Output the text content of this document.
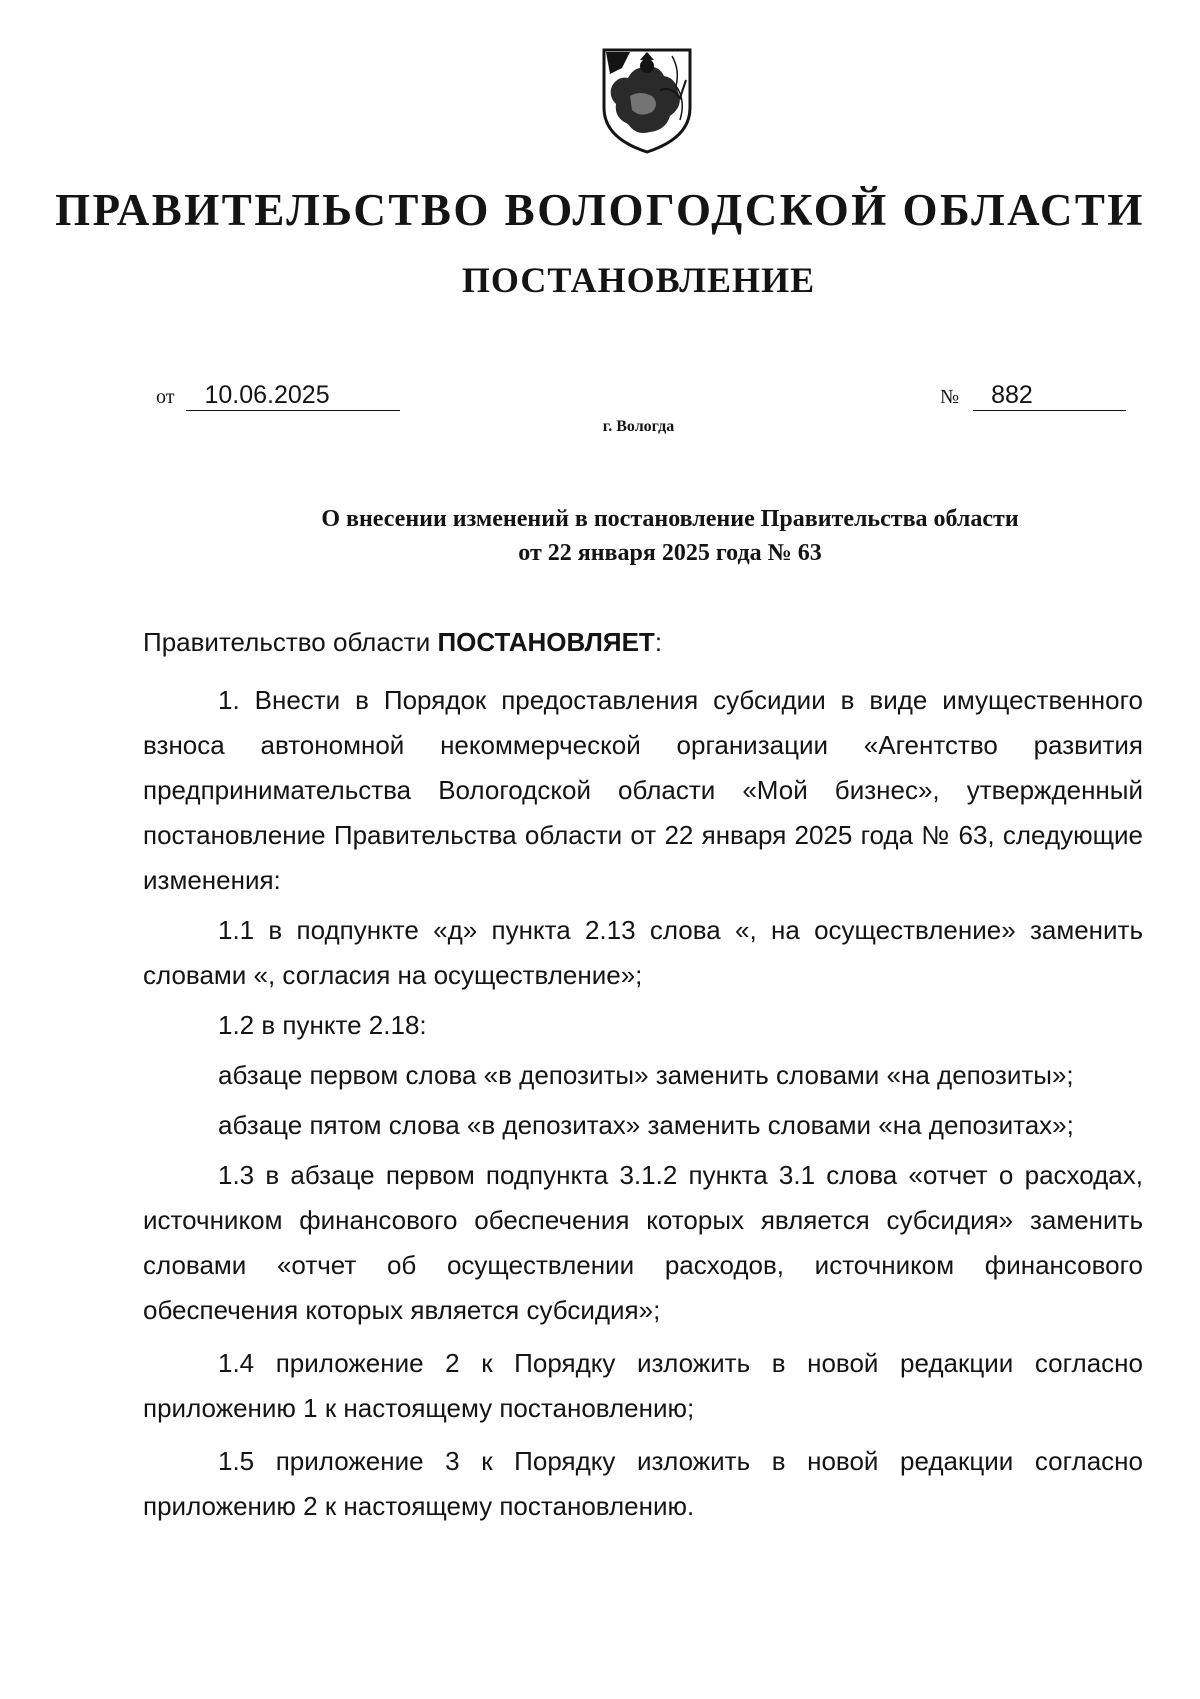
ПРАВИТЕЛЬСТВО ВОЛОГОДСКОЙ ОБЛАСТИ
ПОСТАНОВЛЕНИЕ
от 10.06.2025	№ 882
г. Вологда
О внесении изменений в постановление Правительства области
от 22 января 2025 года № 63

Правительство области ПОСТАНОВЛЯЕТ:

1. Внести в Порядок предоставления субсидии в виде имущественного взноса автономной некоммерческой организации «Агентство развития предпринимательства Вологодской области «Мой бизнес», утвержденный постановление Правительства области от 22 января 2025 года № 63, следующие изменения:

1.1 в подпункте «д» пункта 2.13 слова «, на осуществление» заменить словами «, согласия на осуществление»;

1.2 в пункте 2.18:

абзаце первом слова «в депозиты» заменить словами «на депозиты»;

абзаце пятом слова «в депозитах» заменить словами «на депозитах»;

1.3 в абзаце первом подпункта 3.1.2 пункта 3.1 слова «отчет о расходах, источником финансового обеспечения которых является субсидия» заменить словами «отчет об осуществлении расходов, источником финансового обеспечения которых является субсидия»;

1.4 приложение 2 к Порядку изложить в новой редакции согласно приложению 1 к настоящему постановлению;

1.5 приложение 3 к Порядку изложить в новой редакции согласно приложению 2 к настоящему постановлению.
